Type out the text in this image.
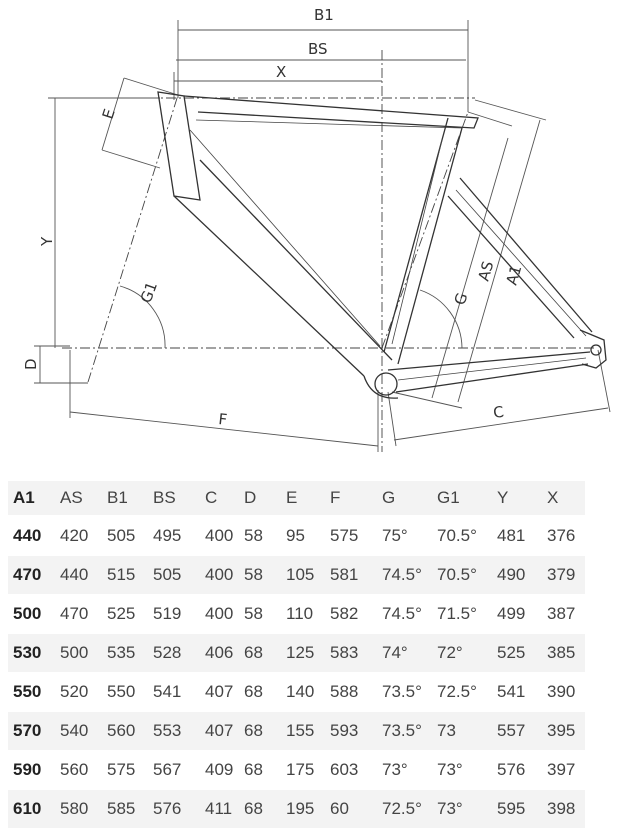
B1
BS
X
E
Y
D
G1	G
AS A1
F	C
A1	AS	B1	BS	C	D	E	F	G	G1	Y	X
440	420	505	495	400	58	95	575	75°	70.5°	481	376
470	440	515	505	400	58	105	581	74.5°	70.5°	490	379
500	470	525	519	400	58	110	582	74.5°	71.5°	499	387
530	500	535	528	406	68	125	583	74°	72°	525	385
550	520	550	541	407	68	140	588	73.5°	72.5°	541	390
570	540	560	553	407	68	155	593	73.5°	73	557	395
590	560	575	567	409	68	175	603	73°	73°	576	397
610	580	585	576	411	68	195	60	72.5°	73°	595	398
